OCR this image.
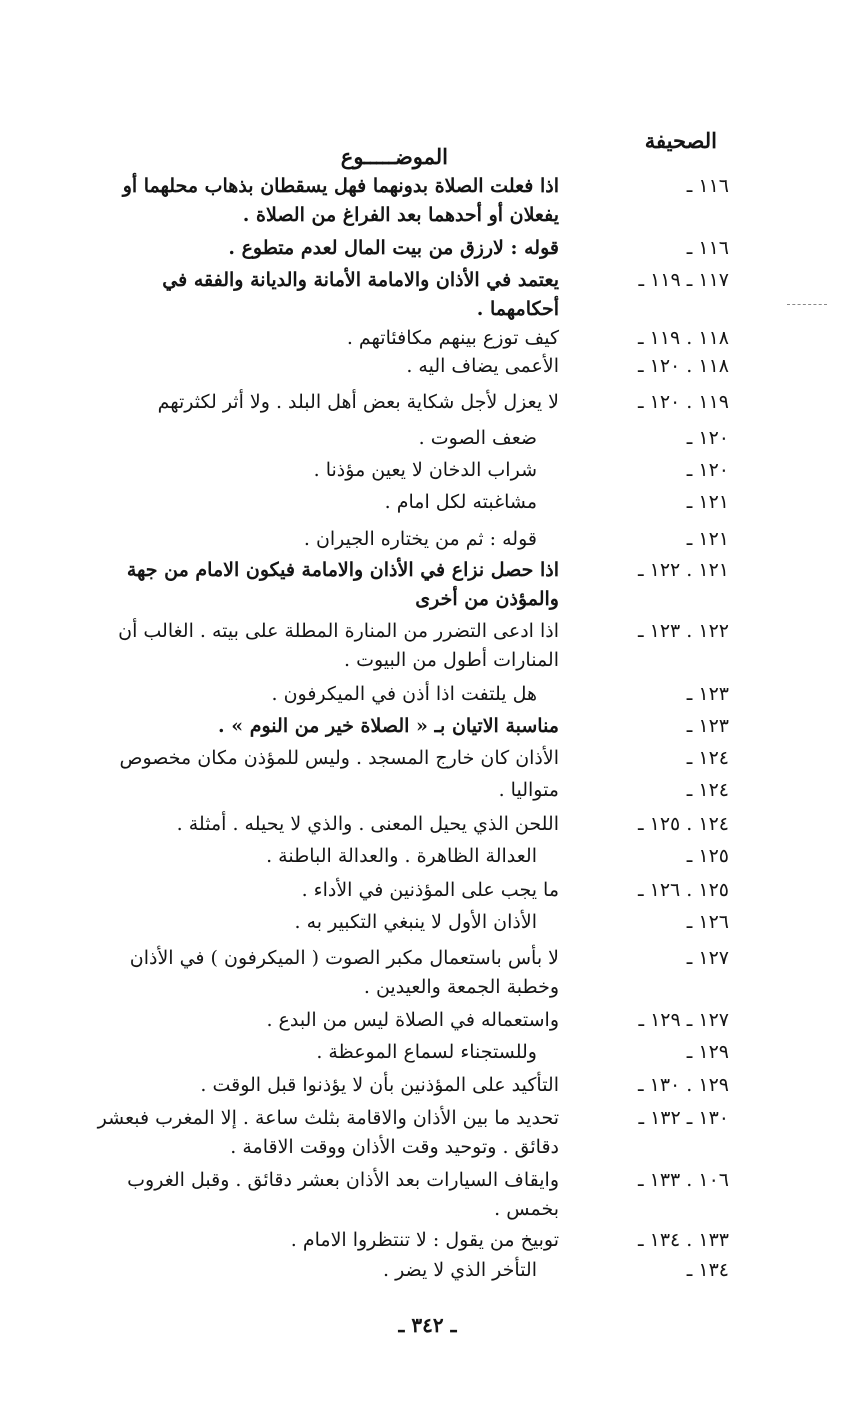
الصحيفة
الموضـــــوع
١١٦ ـ
اذا فعلت الصلاة بدونهما فهل يسقطان بذهاب محلهما أو يفعلان أو أحدهما بعد الفراغ من الصلاة .
١١٦ ـ
قوله : لارزق من بيت المال لعدم متطوع .
١١٧ ـ ١١٩ ـ
يعتمد في الأذان والامامة الأمانة والديانة والفقه في أحكامهما .
١١٨ . ١١٩ ـ
كيف توزع بينهم مكافئاتهم .
١١٨ . ١٢٠ ـ
الأعمى يضاف اليه .
١١٩ . ١٢٠ ـ
لا يعزل لأجل شكاية بعض أهل البلد . ولا أثر لكثرتهم
١٢٠ ـ
ضعف الصوت .
١٢٠ ـ
شراب الدخان لا يعين مؤذنا .
١٢١ ـ
مشاغبته لكل امام .
١٢١ ـ
قوله : ثم من يختاره الجيران .
١٢١ . ١٢٢ ـ
اذا حصل نزاع في الأذان والامامة فيكون الامام من جهة والمؤذن من أخرى
١٢٢ . ١٢٣ ـ
اذا ادعى التضرر من المنارة المطلة على بيته . الغالب أن المنارات أطول من البيوت .
١٢٣ ـ
هل يلتفت اذا أذن في الميكرفون .
١٢٣ ـ
مناسبة الاتيان بـ « الصلاة خير من النوم » .
١٢٤ ـ
الأذان كان خارج المسجد . وليس للمؤذن مكان مخصوص
١٢٤ ـ
متواليا .
١٢٤ . ١٢٥ ـ
اللحن الذي يحيل المعنى . والذي لا يحيله . أمثلة .
١٢٥ ـ
العدالة الظاهرة . والعدالة الباطنة .
١٢٥ . ١٢٦ ـ
ما يجب على المؤذنين في الأداء .
١٢٦ ـ
الأذان الأول لا ينبغي التكبير به .
١٢٧ ـ
لا بأس باستعمال مكبر الصوت ( الميكرفون ) في الأذان وخطبة الجمعة والعيدين .
١٢٧ ـ ١٢٩ ـ
واستعماله في الصلاة ليس من البدع .
١٢٩ ـ
وللستجناء لسماع الموعظة .
١٢٩ . ١٣٠ ـ
التأكيد على المؤذنين بأن لا يؤذنوا قبل الوقت .
١٣٠ ـ ١٣٢ ـ
تحديد ما بين الأذان والاقامة بثلث ساعة . إلا المغرب فبعشر دقائق . وتوحيد وقت الأذان ووقت الاقامة .
١٠٦ . ١٣٣ ـ
وايقاف السيارات بعد الأذان بعشر دقائق . وقبل الغروب بخمس .
١٣٣ . ١٣٤ ـ
توبيخ من يقول : لا تنتظروا الامام .
١٣٤ ـ
التأخر الذي لا يضر .
ـ ٣٤٢ ـ
